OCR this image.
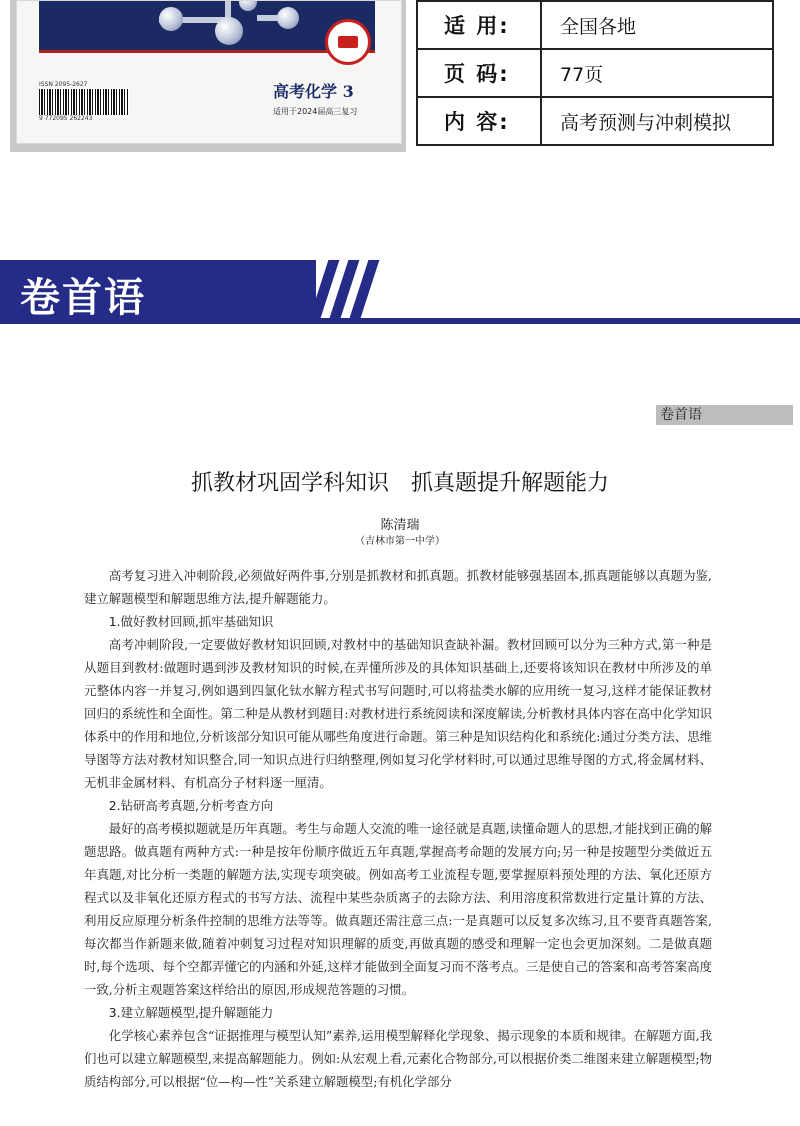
ISSN 2095-2627
9 772095 262243
高考化学 3
适用于2024届高三复习
适 用:	全国各地
页 码:	77页
内 容:	高考预测与冲刺模拟
卷首语
卷首语
抓教材巩固学科知识　抓真题提升解题能力
陈清瑞
（吉林市第一中学）

高考复习进入冲刺阶段,必须做好两件事,分别是抓教材和抓真题。抓教材能够强基固本,抓真题能够以真题为鉴,建立解题模型和解题思维方法,提升解题能力。

1.做好教材回顾,抓牢基础知识

高考冲刺阶段,一定要做好教材知识回顾,对教材中的基础知识查缺补漏。教材回顾可以分为三种方式,第一种是从题目到教材:做题时遇到涉及教材知识的时候,在弄懂所涉及的具体知识基础上,还要将该知识在教材中所涉及的单元整体内容一并复习,例如遇到四氯化钛水解方程式书写问题时,可以将盐类水解的应用统一复习,这样才能保证教材回归的系统性和全面性。第二种是从教材到题目:对教材进行系统阅读和深度解读,分析教材具体内容在高中化学知识体系中的作用和地位,分析该部分知识可能从哪些角度进行命题。第三种是知识结构化和系统化:通过分类方法、思维导图等方法对教材知识整合,同一知识点进行归纳整理,例如复习化学材料时,可以通过思维导图的方式,将金属材料、无机非金属材料、有机高分子材料逐一厘清。

2.钻研高考真题,分析考查方向

最好的高考模拟题就是历年真题。考生与命题人交流的唯一途径就是真题,读懂命题人的思想,才能找到正确的解题思路。做真题有两种方式:一种是按年份顺序做近五年真题,掌握高考命题的发展方向;另一种是按题型分类做近五年真题,对比分析一类题的解题方法,实现专项突破。例如高考工业流程专题,要掌握原料预处理的方法、氧化还原方程式以及非氧化还原方程式的书写方法、流程中某些杂质离子的去除方法、利用溶度积常数进行定量计算的方法、利用反应原理分析条件控制的思维方法等等。做真题还需注意三点:一是真题可以反复多次练习,且不要背真题答案,每次都当作新题来做,随着冲刺复习过程对知识理解的质变,再做真题的感受和理解一定也会更加深刻。二是做真题时,每个选项、每个空都弄懂它的内涵和外延,这样才能做到全面复习而不落考点。三是使自己的答案和高考答案高度一致,分析主观题答案这样给出的原因,形成规范答题的习惯。

3.建立解题模型,提升解题能力

化学核心素养包含“证据推理与模型认知”素养,运用模型解释化学现象、揭示现象的本质和规律。在解题方面,我们也可以建立解题模型,来提高解题能力。例如:从宏观上看,元素化合物部分,可以根据价类二维图来建立解题模型;物质结构部分,可以根据“位—构—性”关系建立解题模型;有机化学部分
